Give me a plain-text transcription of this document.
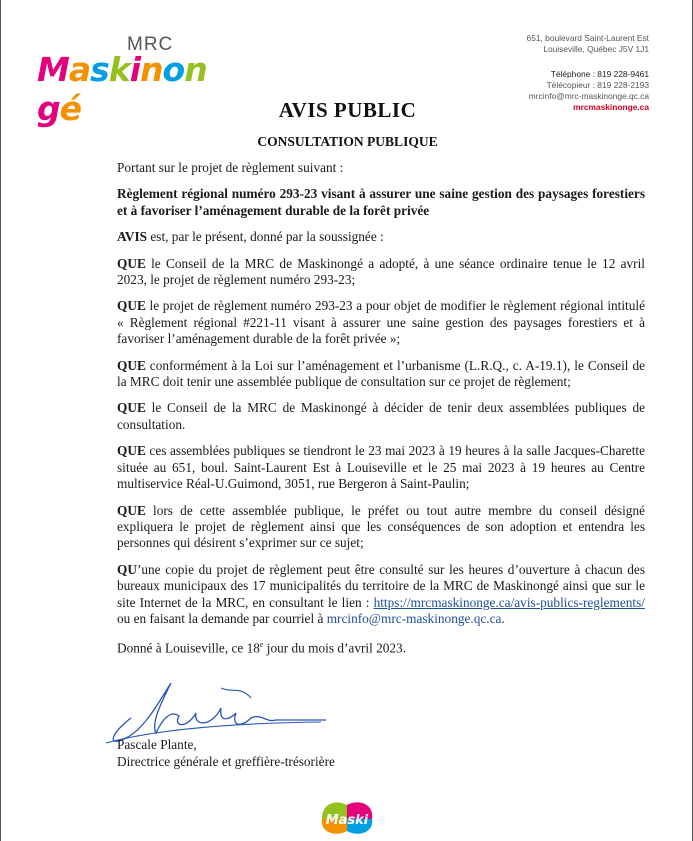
MRC
Maskinongé
651, boulevard Saint-Laurent Est
Louiseville, Québec J5V 1J1
Téléphone : 819 228-9461
Télécopieur : 819 228-2193
mrcinfo@mrc-maskinonge.qc.ca
mrcmaskinonge.ca
AVIS PUBLIC
CONSULTATION PUBLIQUE

Portant sur le projet de règlement suivant :

Règlement régional numéro 293-23 visant à assurer une saine gestion des paysages forestiers et à favoriser l’aménagement durable de la forêt privée

AVIS est, par le présent, donné par la soussignée :

QUE le Conseil de la MRC de Maskinongé a adopté, à une séance ordinaire tenue le 12 avril 2023, le projet de règlement numéro 293-23;

QUE le projet de règlement numéro 293-23 a pour objet de modifier le règlement régional intitulé « Règlement régional #221-11 visant à assurer une saine gestion des paysages forestiers et à favoriser l’aménagement durable de la forêt privée »;

QUE conformément à la Loi sur l’aménagement et l’urbanisme (L.R.Q., c. A-19.1), le Conseil de la MRC doit tenir une assemblée publique de consultation sur ce projet de règlement;

QUE le Conseil de la MRC de Maskinongé à décider de tenir deux assemblées publiques de consultation.

QUE ces assemblées publiques se tiendront le 23 mai 2023 à 19 heures à la salle Jacques-Charette située au 651, boul. Saint-Laurent Est à Louiseville et le 25 mai 2023 à 19 heures au Centre multiservice Réal-U.Guimond, 3051, rue Bergeron à Saint-Paulin;

QUE lors de cette assemblée publique, le préfet ou tout autre membre du conseil désigné expliquera le projet de règlement ainsi que les conséquences de son adoption et entendra les personnes qui désirent s’exprimer sur ce sujet;

QU’une copie du projet de règlement peut être consulté sur les heures d’ouverture à chacun des bureaux municipaux des 17 municipalités du territoire de la MRC de Maskinongé ainsi que sur le site Internet de la MRC, en consultant le lien : https://mrcmaskinonge.ca/avis-publics-reglements/ ou en faisant la demande par courriel à mrcinfo@mrc-maskinonge.qc.ca.

Donné à Louiseville, ce 18e jour du mois d’avril 2023.

Pascale Plante,
Directrice générale et greffière-trésorière
Maski
